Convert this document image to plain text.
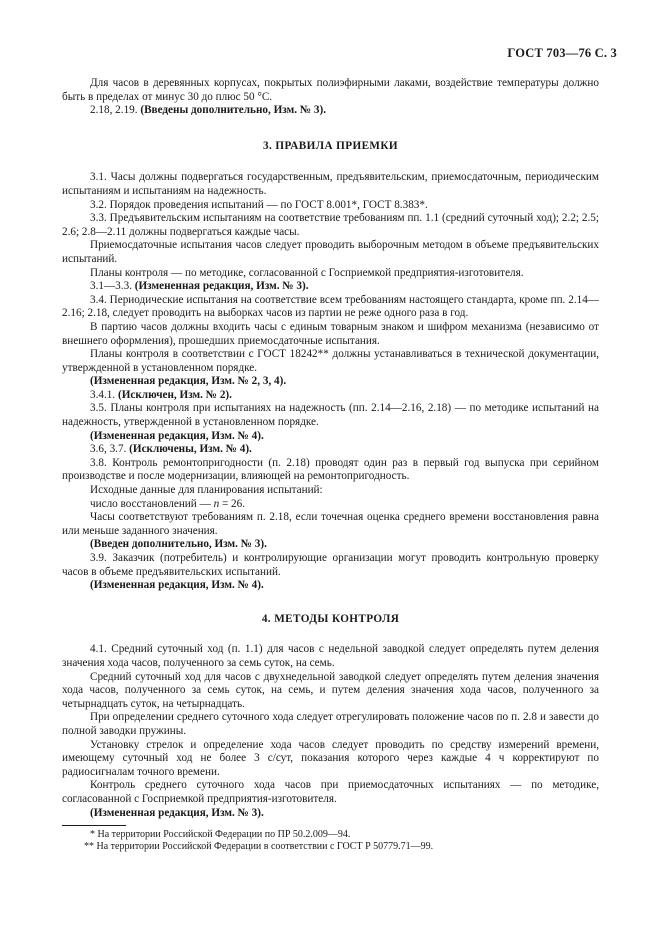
ГОСТ 703—76 С. 3

Для часов в деревянных корпусах, покрытых полиэфирными лаками, воздействие температуры должно быть в пределах от минус 30 до плюс 50 °С.

2.18, 2.19. (Введены дополнительно, Изм. № 3).

3. ПРАВИЛА ПРИЕМКИ

3.1. Часы должны подвергаться государственным, предъявительским, приемосдаточным, периодическим испытаниям и испытаниям на надежность.

3.2. Порядок проведения испытаний — по ГОСТ 8.001*, ГОСТ 8.383*.

3.3. Предъявительским испытаниям на соответствие требованиям пп. 1.1 (средний суточный ход); 2.2; 2.5; 2.6; 2.8—2.11 должны подвергаться каждые часы.

Приемосдаточные испытания часов следует проводить выборочным методом в объеме предъявительских испытаний.

Планы контроля — по методике, согласованной с Госприемкой предприятия-изготовителя.

3.1—3.3. (Измененная редакция, Изм. № 3).

3.4. Периодические испытания на соответствие всем требованиям настоящего стандарта, кроме пп. 2.14—2.16; 2.18, следует проводить на выборках часов из партии не реже одного раза в год.

В партию часов должны входить часы с единым товарным знаком и шифром механизма (независимо от внешнего оформления), прошедших приемосдаточные испытания.

Планы контроля в соответствии с ГОСТ 18242** должны устанавливаться в технической документации, утвержденной в установленном порядке.

(Измененная редакция, Изм. № 2, 3, 4).

3.4.1. (Исключен, Изм. № 2).

3.5. Планы контроля при испытаниях на надежность (пп. 2.14—2.16, 2.18) — по методике испытаний на надежность, утвержденной в установленном порядке.

(Измененная редакция, Изм. № 4).

3.6, 3.7. (Исключены, Изм. № 4).

3.8. Контроль ремонтопригодности (п. 2.18) проводят один раз в первый год выпуска при серийном производстве и после модернизации, влияющей на ремонтопригодность.

Исходные данные для планирования испытаний:

число восстановлений — n = 26.

Часы соответствуют требованиям п. 2.18, если точечная оценка среднего времени восстановления равна или меньше заданного значения.

(Введен дополнительно, Изм. № 3).

3.9. Заказчик (потребитель) и контролирующие организации могут проводить контрольную проверку часов в объеме предъявительских испытаний.

(Измененная редакция, Изм. № 4).

4. МЕТОДЫ КОНТРОЛЯ

4.1. Средний суточный ход (п. 1.1) для часов с недельной заводкой следует определять путем деления значения хода часов, полученного за семь суток, на семь.

Средний суточный ход для часов с двухнедельной заводкой следует определять путем деления значения хода часов, полученного за семь суток, на семь, и путем деления значения хода часов, полученного за четырнадцать суток, на четырнадцать.

При определении среднего суточного хода следует отрегулировать положение часов по п. 2.8 и завести до полной заводки пружины.

Установку стрелок и определение хода часов следует проводить по средству измерений времени, имеющему суточный ход не более 3 с/сут, показания которого через каждые 4 ч корректируют по радиосигналам точного времени.

Контроль среднего суточного хода часов при приемосдаточных испытаниях — по методике, согласованной с Госприемкой предприятия-изготовителя.

(Измененная редакция, Изм. № 3).

* На территории Российской Федерации по ПР 50.2.009—94.

** На территории Российской Федерации в соответствии с ГОСТ Р 50779.71—99.
